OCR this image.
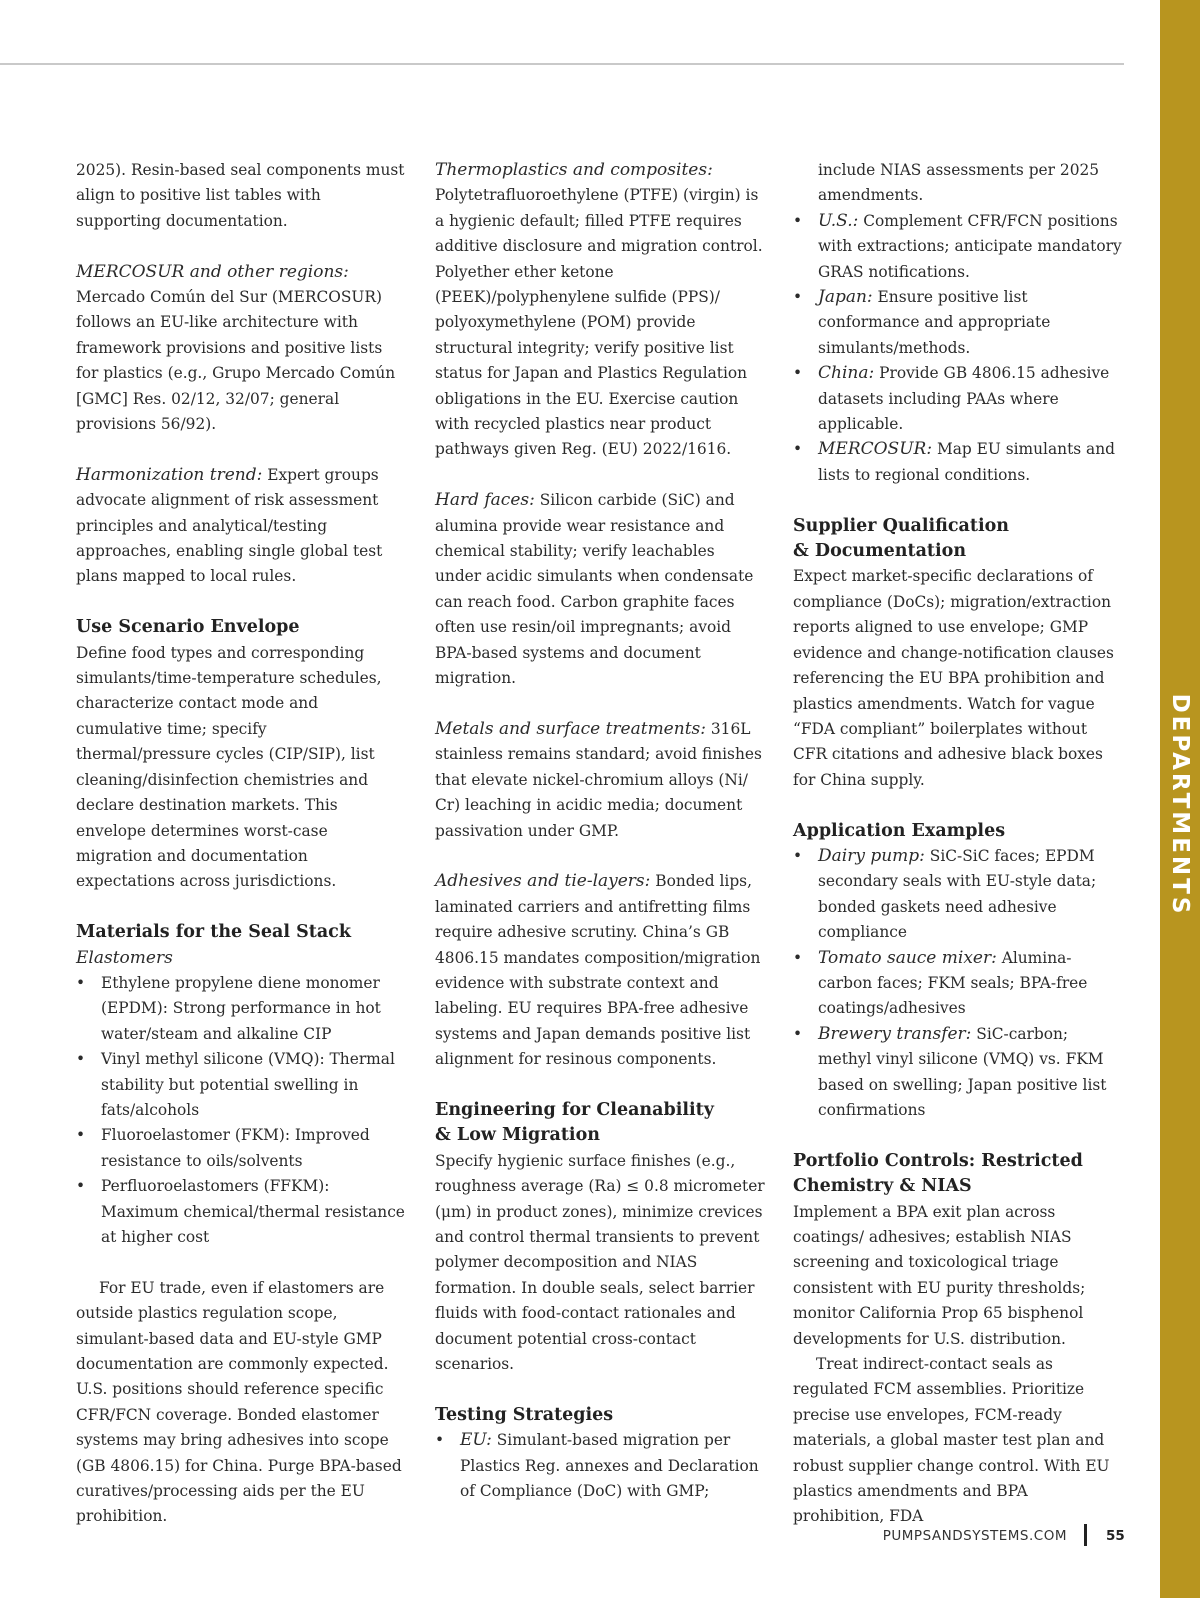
DEPARTMENTS

2025). Resin-based seal components must align to positive list tables with supporting documentation.

MERCOSUR and other regions: Mercado Común del Sur (MERCOSUR) follows an EU-like architecture with framework provisions and positive lists for plastics (e.g., Grupo Mercado Común [GMC] Res. 02/12, 32/07; general provisions 56/92).

Harmonization trend: Expert groups advocate alignment of risk assessment principles and analytical/testing approaches, enabling single global test plans mapped to local rules.

Use Scenario Envelope

Define food types and corresponding simulants/time-temperature schedules, characterize contact mode and cumulative time; specify thermal/pressure cycles (CIP/SIP), list cleaning/disinfection chemistries and declare destination markets. This envelope determines worst-case migration and documentation expectations across jurisdictions.

Materials for the Seal Stack
Elastomers
• Ethylene propylene diene monomer (EPDM): Strong performance in hot water/steam and alkaline CIP
• Vinyl methyl silicone (VMQ): Thermal stability but potential swelling in fats/alcohols
• Fluoroelastomer (FKM): Improved resistance to oils/solvents
• Perfluoroelastomers (FFKM): Maximum chemical/thermal resistance at higher cost

For EU trade, even if elastomers are outside plastics regulation scope, simulant-based data and EU-style GMP documentation are commonly expected. U.S. positions should reference specific CFR/FCN coverage. Bonded elastomer systems may bring adhesives into scope (GB 4806.15) for China. Purge BPA-based curatives/processing aids per the EU prohibition.

Thermoplastics and composites:

Polytetrafluoroethylene (PTFE) (virgin) is a hygienic default; filled PTFE requires additive disclosure and migration control. Polyether ether ketone (PEEK)/polyphenylene sulfide (PPS)/ polyoxymethylene (POM) provide structural integrity; verify positive list status for Japan and Plastics Regulation obligations in the EU. Exercise caution with recycled plastics near product pathways given Reg. (EU) 2022/1616.

Hard faces: Silicon carbide (SiC) and alumina provide wear resistance and chemical stability; verify leachables under acidic simulants when condensate can reach food. Carbon graphite faces often use resin/oil impregnants; avoid BPA-based systems and document migration.

Metals and surface treatments: 316L stainless remains standard; avoid finishes that elevate nickel-chromium alloys (Ni/ Cr) leaching in acidic media; document passivation under GMP.

Adhesives and tie-layers: Bonded lips, laminated carriers and antifretting films require adhesive scrutiny. China’s GB 4806.15 mandates composition/migration evidence with substrate context and labeling. EU requires BPA-free adhesive systems and Japan demands positive list alignment for resinous components.

Engineering for Cleanability
& Low Migration

Specify hygienic surface finishes (e.g., roughness average (Ra) ≤ 0.8 micrometer (μm) in product zones), minimize crevices and control thermal transients to prevent polymer decomposition and NIAS formation. In double seals, select barrier fluids with food-contact rationales and document potential cross-contact scenarios.

Testing Strategies
• EU: Simulant-based migration per Plastics Reg. annexes and Declaration of Compliance (DoC) with GMP;

include NIAS assessments per 2025 amendments.

• U.S.: Complement CFR/FCN positions with extractions; anticipate mandatory GRAS notifications.
• Japan: Ensure positive list conformance and appropriate simulants/methods.
• China: Provide GB 4806.15 adhesive datasets including PAAs where applicable.
• MERCOSUR: Map EU simulants and lists to regional conditions.
Supplier Qualification
& Documentation

Expect market-specific declarations of compliance (DoCs); migration/extraction reports aligned to use envelope; GMP evidence and change-notification clauses referencing the EU BPA prohibition and plastics amendments. Watch for vague “FDA compliant” boilerplates without CFR citations and adhesive black boxes for China supply.

Application Examples
• Dairy pump: SiC-SiC faces; EPDM secondary seals with EU-style data; bonded gaskets need adhesive compliance
• Tomato sauce mixer: Alumina-carbon faces; FKM seals; BPA-free coatings/adhesives
• Brewery transfer: SiC-carbon; methyl vinyl silicone (VMQ) vs. FKM based on swelling; Japan positive list confirmations
Portfolio Controls: Restricted
Chemistry & NIAS

Implement a BPA exit plan across coatings/ adhesives; establish NIAS screening and toxicological triage consistent with EU purity thresholds; monitor California Prop 65 bisphenol developments for U.S. distribution.

Treat indirect-contact seals as regulated FCM assemblies. Prioritize precise use envelopes, FCM-ready materials, a global master test plan and robust supplier change control. With EU plastics amendments and BPA prohibition, FDA

PUMPSANDSYSTEMS.COM	55
